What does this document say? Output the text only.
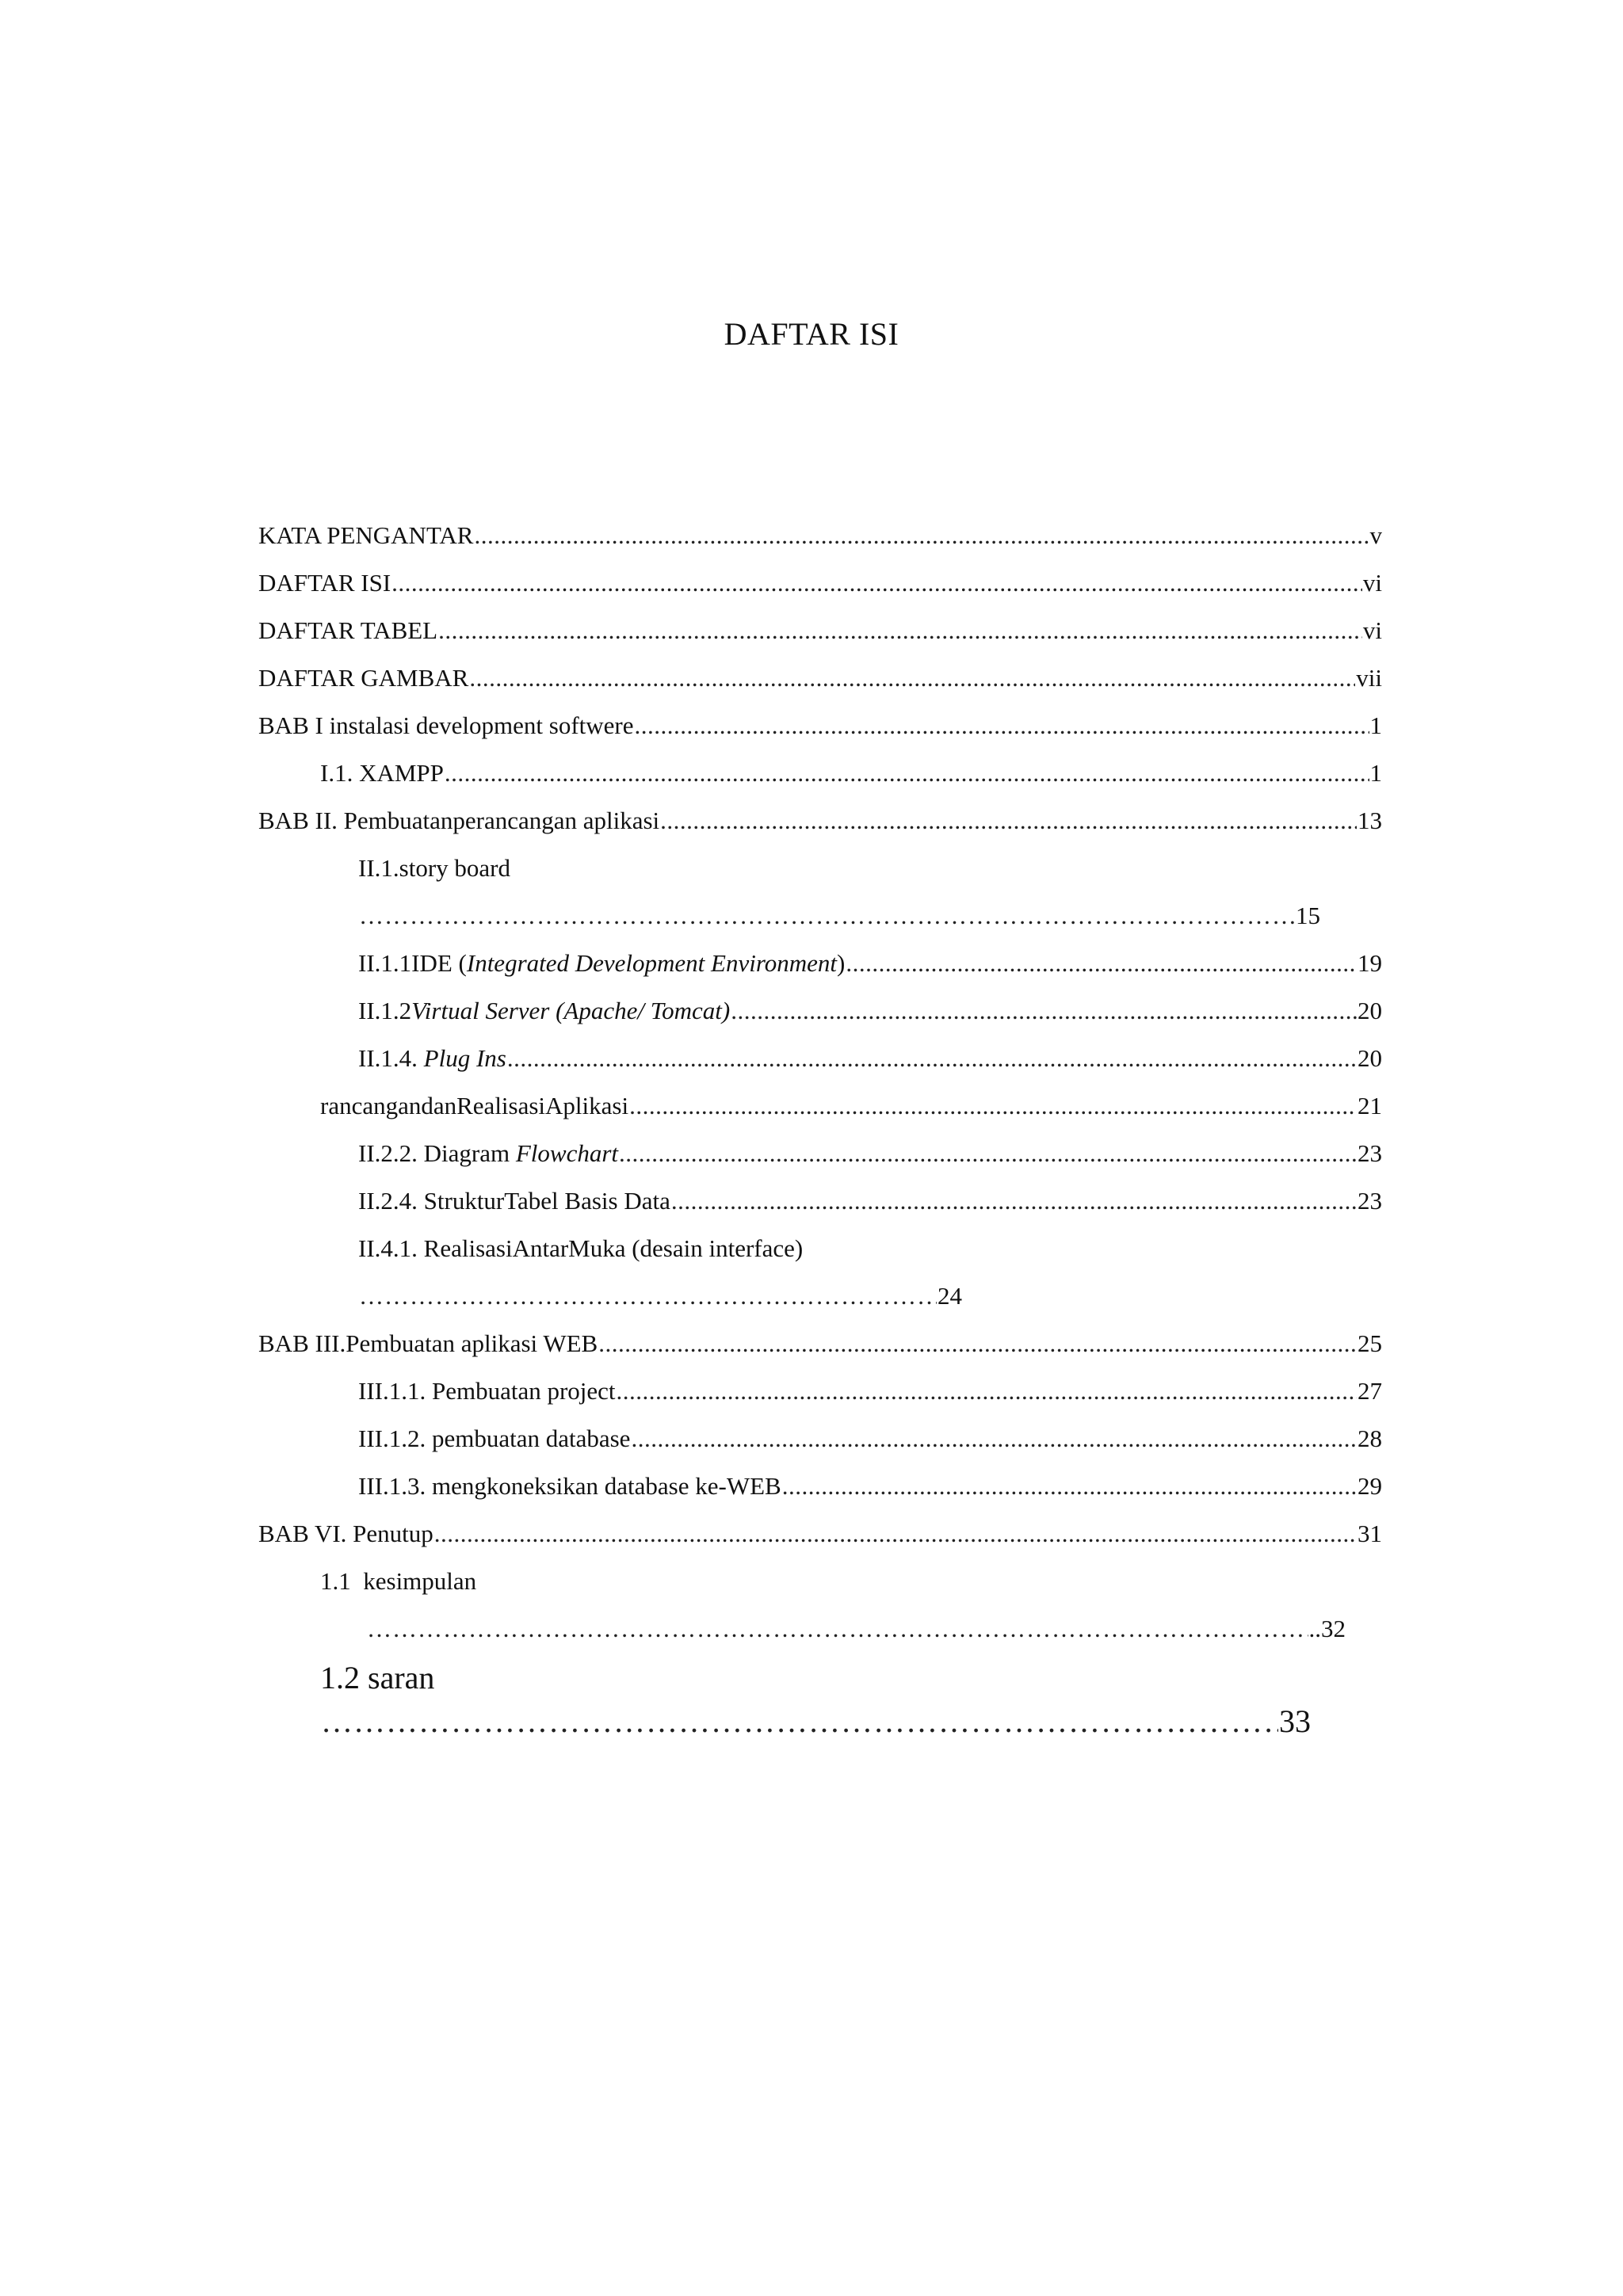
DAFTAR ISI
KATA PENGANTAR .....	v
DAFTAR ISI .....	vi
DAFTAR TABEL .....	vi
DAFTAR GAMBAR .....	vii
BAB I instalasi development softwere .....	1
I.1. XAMPP .....	1
BAB II. Pembuatanperancangan aplikasi .....	13
II.1.story board
………………………………………………………………………………………………………………………………………………………………………………………………
15
II.1.1IDE (Integrated Development Environment) .....	19
II.1.2Virtual Server (Apache/ Tomcat) .....	20
II.1.4. Plug Ins .....	20
rancangandanRealisasiAplikasi .....	21
II.2.2. Diagram Flowchart .....	23
II.2.4. StrukturTabel Basis Data .....	23
II.4.1. RealisasiAntarMuka (desain interface)
………………………………………………………………………………………………………………………………………………………………………………………………
24
BAB III.Pembuatan aplikasi WEB .....	25
III.1.1. Pembuatan project .....	27
III.1.2. pembuatan database .....	28
III.1.3. mengkoneksikan database ke-WEB .....	29
BAB VI. Penutup .....	31
1.1  kesimpulan
………………………………………………………………………………………………………………………………………………………………………………………………
..32
1.2 saran
………………………………………………………………………………………………………………………………………………………………………………………………
33
